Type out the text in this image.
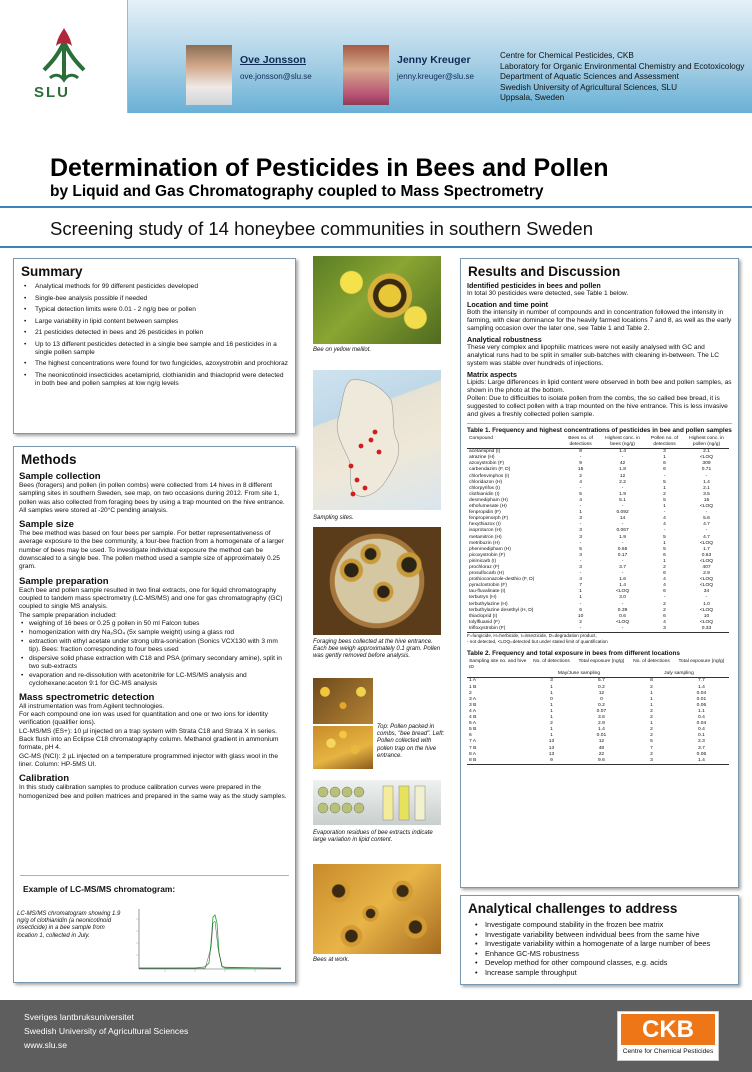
SLU
Ove Jonsson
ove.jonsson@slu.se
Jenny Kreuger
jenny.kreuger@slu.se
Centre for Chemical Pesticides, CKB
Laboratory for Organic Environmental Chemistry and Ecotoxicology
Department of Aquatic Sciences and Assessment
Swedish University of Agricultural Sciences, SLU
Uppsala, Sweden
Determination of Pesticides in Bees and Pollen
by Liquid and Gas Chromatography coupled to Mass Spectrometry
Screening study of 14 honeybee communities in southern Sweden
Summary
• Analytical methods for 99 different pesticides developed
• Single-bee analysis possible if needed
• Typical detection limits were 0.01 - 2 ng/g bee or pollen
• Large variability in lipid content between samples
• 21 pesticides detected in bees and 26 pesticides in pollen
• Up to 13 different pesticides detected in a single bee sample and 16 pesticides in a single pollen sample
• The highest concentrations were found for two fungicides, azoxystrobin and prochloraz
• The neonicotinoid insecticides acetamiprid, clothianidin and thiacloprid were detected in both bee and pollen samples at low ng/g levels
Methods
Sample collection

Bees (foragers) and pollen (in pollen combs) were collected from 14 hives in 8 different sampling sites in southern Sweden, see map, on two occasions during 2012. From site 1, pollen was also collected from foraging bees by using a trap mounted on the hive entrance. All samples were stored at -20°C pending analysis.

Sample size

The bee method was based on four bees per sample. For better representativeness of average exposure to the bee community, a four-bee fraction from a homogenate of a larger number of bees may be used. To investigate individual exposure the method can be downscaled to a single bee. The pollen method used a sample size of approximately 0.25 gram.

Sample preparation

Each bee and pollen sample resulted in two final extracts, one for liquid chromatography coupled to tandem mass spectrometry (LC-MS/MS) and one for gas chromatography (GC) coupled to single MS analysis.

The sample preparation included:

• weighing of 16 bees or 0.25 g pollen in 50 ml Falcon tubes
• homogenization with dry Na₂SO₄ (5x sample weight) using a glass rod
• extraction with ethyl acetate under strong ultra-sonication (Sonics VCX130 with 3 mm tip). Bees: fraction corresponding to four bees used
• dispersive solid phase extraction with C18 and PSA (primary secondary amine), split in two sub-extracts
• evaporation and re-dissolution with acetonitrile for LC-MS/MS analysis and cyclohexane:aceton 9:1 for GC-MS analysis
Mass spectrometric detection

All instrumentation was from Agilent technologies.

For each compound one ion was used for quantitation and one or two ions for identity verification (qualifier ions).

LC-MS/MS (ES+): 10 µl injected on a trap system with Strata C18 and Strata X in series. Back flush into an Eclipse C18 chromatography column. Methanol gradient in ammonium formate, pH 4.

GC-MS (NCI): 2 µL injected on a temperature programmed injector with glass wool in the liner. Column: HP-5MS UI.

Calibration

In this study calibration samples to produce calibration curves were prepared in the homogenized bee and pollen matrices and prepared in the same way as the study samples.

Example of LC-MS/MS chromatogram:
LC-MS/MS chromatogram showing 1.9 ng/g of clothianidin (a neonicotinoid insecticide) in a bee sample from location 1, collected in July.
Bee on yellow melilot.
Sampling sites.
Foraging bees collected at the hive entrance. Each bee weigh approximately 0.1 gram. Pollen was gently removed before analysis.
Top: Pollen packed in combs, "bee bread". Left: Pollen collected with pollen trap on the hive entrance.
Evaporation residues of bee extracts indicate large variation in lipid content.
Bees at work.
Results and Discussion
Identified pesticides in bees and pollen
In total 30 pesticides were detected, see Table 1 below.
Location and time point
Both the intensity in number of compounds and in concentration followed the intensity in farming, with clear dominance for the heavily farmed locations 7 and 8, as well as the early sampling occasion over the later one, see Table 1 and Table 2.
Analytical robustness
These very complex and lipophilic matrices were not easily analysed with GC and analytical runs had to be split in smaller sub-batches with cleaning in-between. The LC system was stable over hundreds of injections.
Matrix aspects
Lipids: Large differences in lipid content were observed in both bee and pollen samples, as shown in the photo at the bottom.
Pollen: Due to difficulties to isolate pollen from the combs, the so called bee bread, it is suggested to collect pollen with a trap mounted on the hive entrance. This is less invasive and gives a freshly collected pollen sample.
Table 1. Frequency and highest concentrations of pesticides in bee and pollen samples
Compound	Bees no. of detections	Highest conc. in bees (ng/g)	Pollen no. of detections	Highest conc. in pollen (ng/g)
acetamiprid (I)	8	1.4	3	2.1
atrazine (H)	-	-	1	<LOQ
azoxystrobin (F)	9	42	6	309
carbendazim (F, D)	15	1.8	6	0.71
chlorfenvinphos (I)	2	12	-	-
chloridazon (H)	4	2.2	5	1.4
chlorpyrifos (I)	-	-	1	2.1
clothianidin (I)	5	1.9	2	3.5
desmedipham (H)	4	5.1	5	15
ethofumesate (H)	-	-	1	<LOQ
fenpropidin (F)	1	0.092	-	-
fenpropimorph (F)	3	14	4	5.6
hexythiazox (I)	-	-	4	4.7
isoproturon (H)	3	0.067	-	-
metamitron (H)	3	1.9	5	4.7
metribuzin (H)	-	-	1	<LOQ
phenmedipham (H)	5	0.65	5	1.7
picoxystrobin (F)	3	0.17	6	0.63
pirimicarb (I)	-	-	1	<LOQ
prochloraz (F)	3	3.7	2	407
prosulfocarb (H)	-	-	6	2.9
prothioconazole-desthio (F, D)	4	1.6	4	<LOQ
pyraclostrobin (F)	7	1.4	4	<LOQ
tau-fluvalinate (I)	1	<LOQ	6	34
terbutryn (H)	1	3.0	-	-
terbuthylazine (H)	-	-	2	1.0
terbuthylazine desethyl (H, D)	6	0.39	2	<LOQ
thiacloprid (I)	10	0.6	6	10
tolylfluanid (F)	2	<LOQ	4	<LOQ
trifloxystrobin (F)	-	-	3	0.33
F=fungicide, H=herbicide, I=insecticide, D=degradation product,
- not detected, <LOQ=detected but under stated limit of quantification
Table 2. Frequency and total exposure in bees from different locations
Sampling site no. and hive ID	No. of detections	Total exposure (ng/g)	No. of detections	Total exposure (ng/g)
	May/June sampling		July sampling	
1 A	3	5.7	8	7.7
1 B	1	0.2	2	1.4
2	1	12	1	0.04
3 A	0	0	1	0.01
3 B	1	0.2	1	0.06
4 A	1	0.07	2	1.1
4 B	1	3.6	2	0.4
5 A	2	2.9	1	0.04
5 B	1	1.4	2	0.4
6	1	0.01	2	0.1
7 A	13	12	5	2.3
7 B	13	48	7	3.7
8 A	13	22	2	0.06
8 B	9	9.6	3	1.4
Analytical challenges to address
• Investigate compound stability in the frozen bee matrix
• Investigate variability between individual bees from the same hive
• Investigate variability within a homogenate of a large number of bees
• Enhance GC-MS robustness
• Develop method for other compound classes, e.g. acids
• Increase sample throughput
Sveriges lantbruksuniversitet
Swedish University of Agricultural Sciences
www.slu.se
CKB
Centre for Chemical Pesticides
